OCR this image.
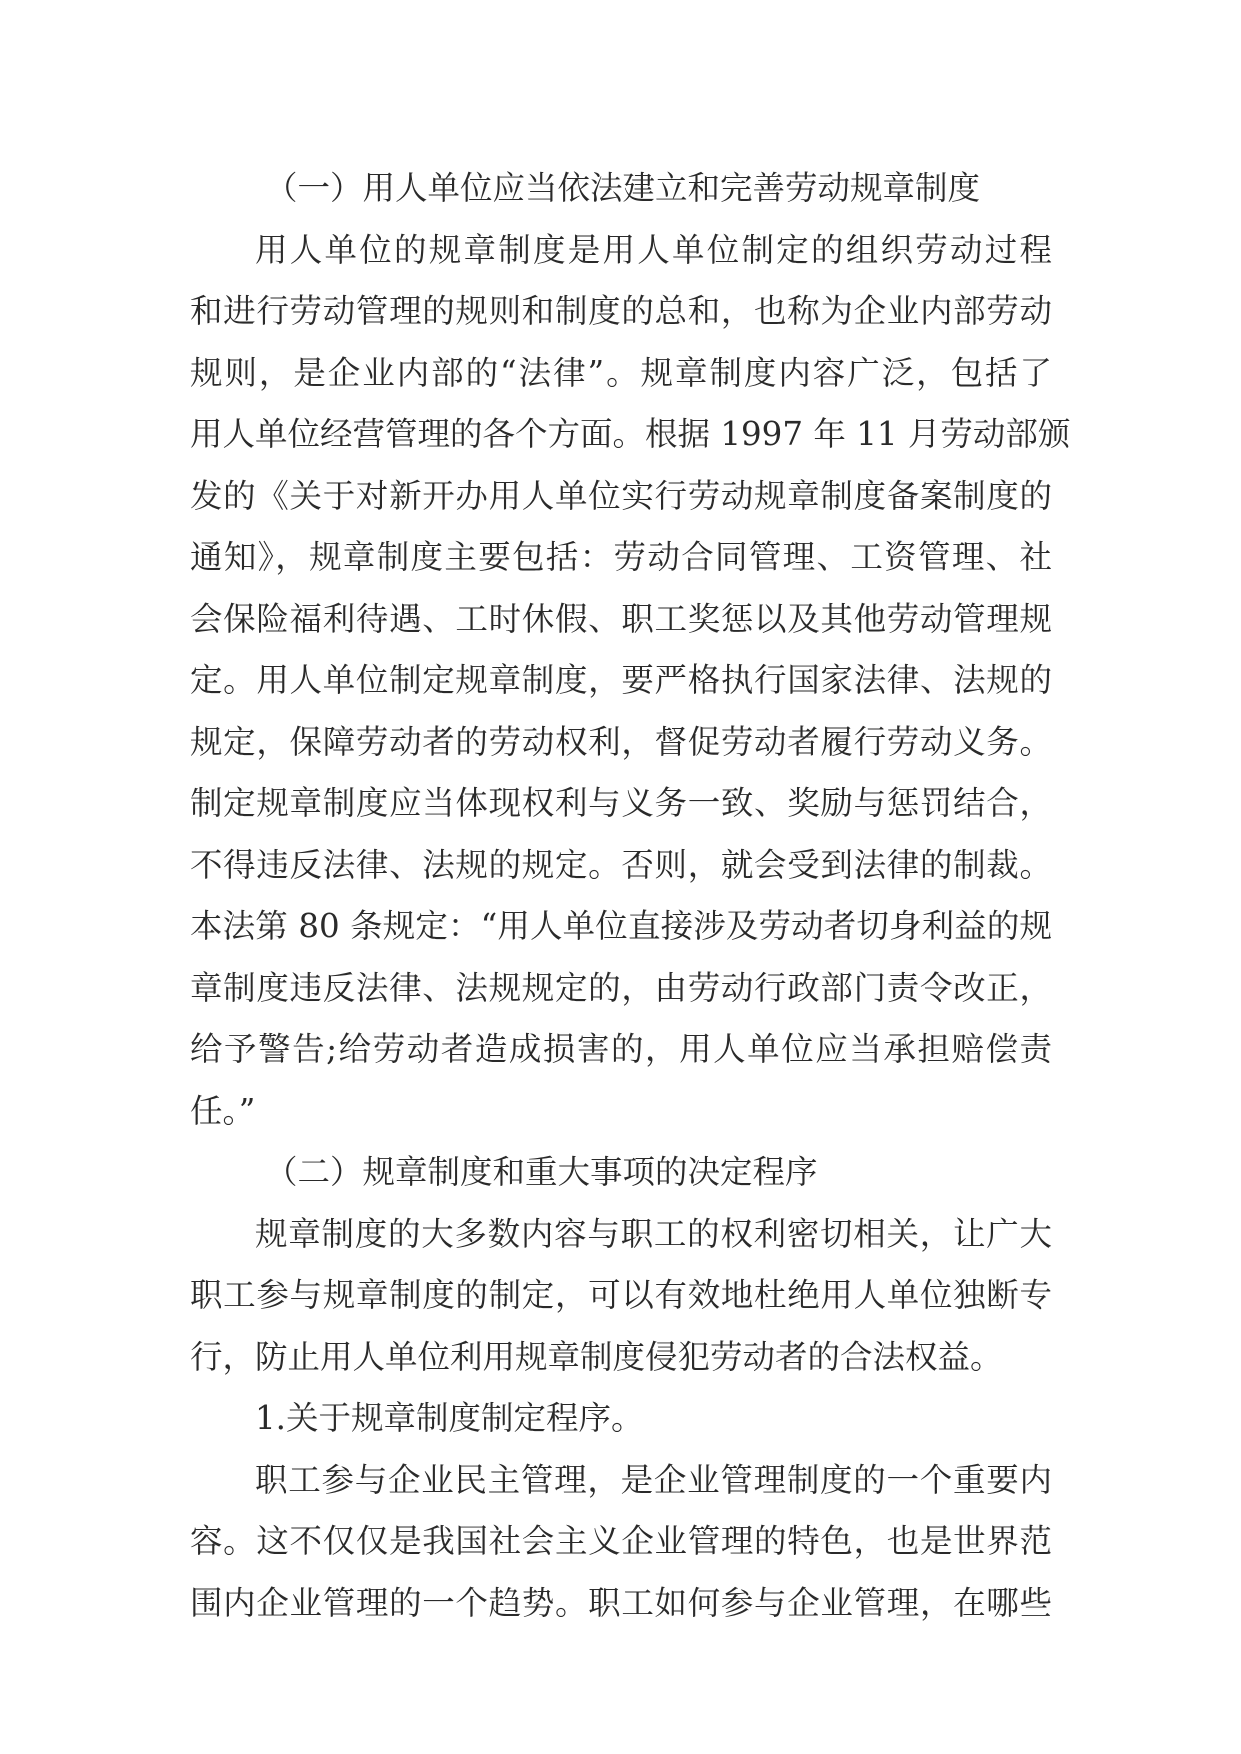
（一）用人单位应当依法建立和完善劳动规章制度
用人单位的规章制度是用人单位制定的组织劳动过程
和进行劳动管理的规则和制度的总和，也称为企业内部劳动
规则，是企业内部的“法律”。规章制度内容广泛，包括了
用人单位经营管理的各个方面。根据 1997 年 11 月劳动部颁
发的《关于对新开办用人单位实行劳动规章制度备案制度的
通知》，规章制度主要包括：劳动合同管理、工资管理、社
会保险福利待遇、工时休假、职工奖惩以及其他劳动管理规
定。用人单位制定规章制度，要严格执行国家法律、法规的
规定，保障劳动者的劳动权利，督促劳动者履行劳动义务。
制定规章制度应当体现权利与义务一致、奖励与惩罚结合，
不得违反法律、法规的规定。否则，就会受到法律的制裁。
本法第 80 条规定：“用人单位直接涉及劳动者切身利益的规
章制度违反法律、法规规定的，由劳动行政部门责令改正，
给予警告;给劳动者造成损害的，用人单位应当承担赔偿责
任。”
（二）规章制度和重大事项的决定程序
规章制度的大多数内容与职工的权利密切相关，让广大
职工参与规章制度的制定，可以有效地杜绝用人单位独断专
行，防止用人单位利用规章制度侵犯劳动者的合法权益。
1.关于规章制度制定程序。
职工参与企业民主管理，是企业管理制度的一个重要内
容。这不仅仅是我国社会主义企业管理的特色，也是世界范
围内企业管理的一个趋势。职工如何参与企业管理，在哪些
